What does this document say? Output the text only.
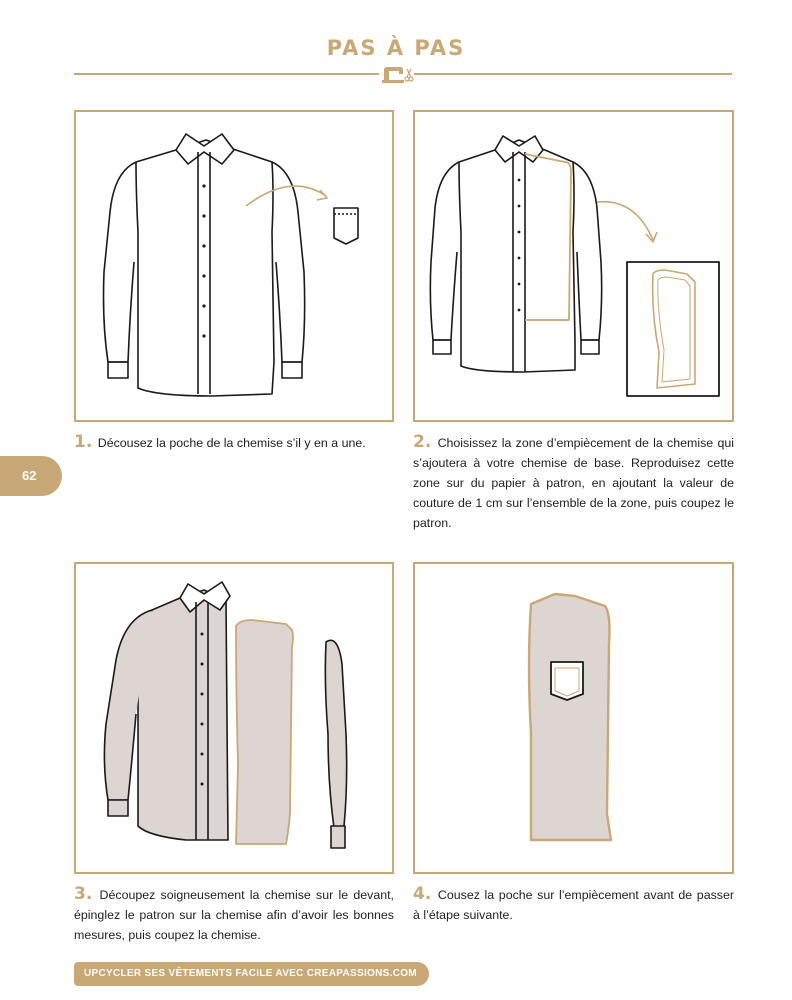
PAS À PAS
1. Décousez la poche de la chemise s’il y en a une.	2. Choisissez la zone d’empiècement de la chemise qui s’ajoutera à votre chemise de base. Reproduisez cette zone sur du papier à patron, en ajoutant la valeur de couture de 1 cm sur l’ensemble de la zone, puis coupez le patron.
3. Découpez soigneusement la chemise sur le devant, épinglez le patron sur la chemise afin d’avoir les bonnes mesures, puis coupez la chemise.
4. Cousez la poche sur l’empiècement avant de passer à l’étape suivante.
62
UPCYCLER SES VÊTEMENTS FACILE AVEC CREAPASSIONS.COM
